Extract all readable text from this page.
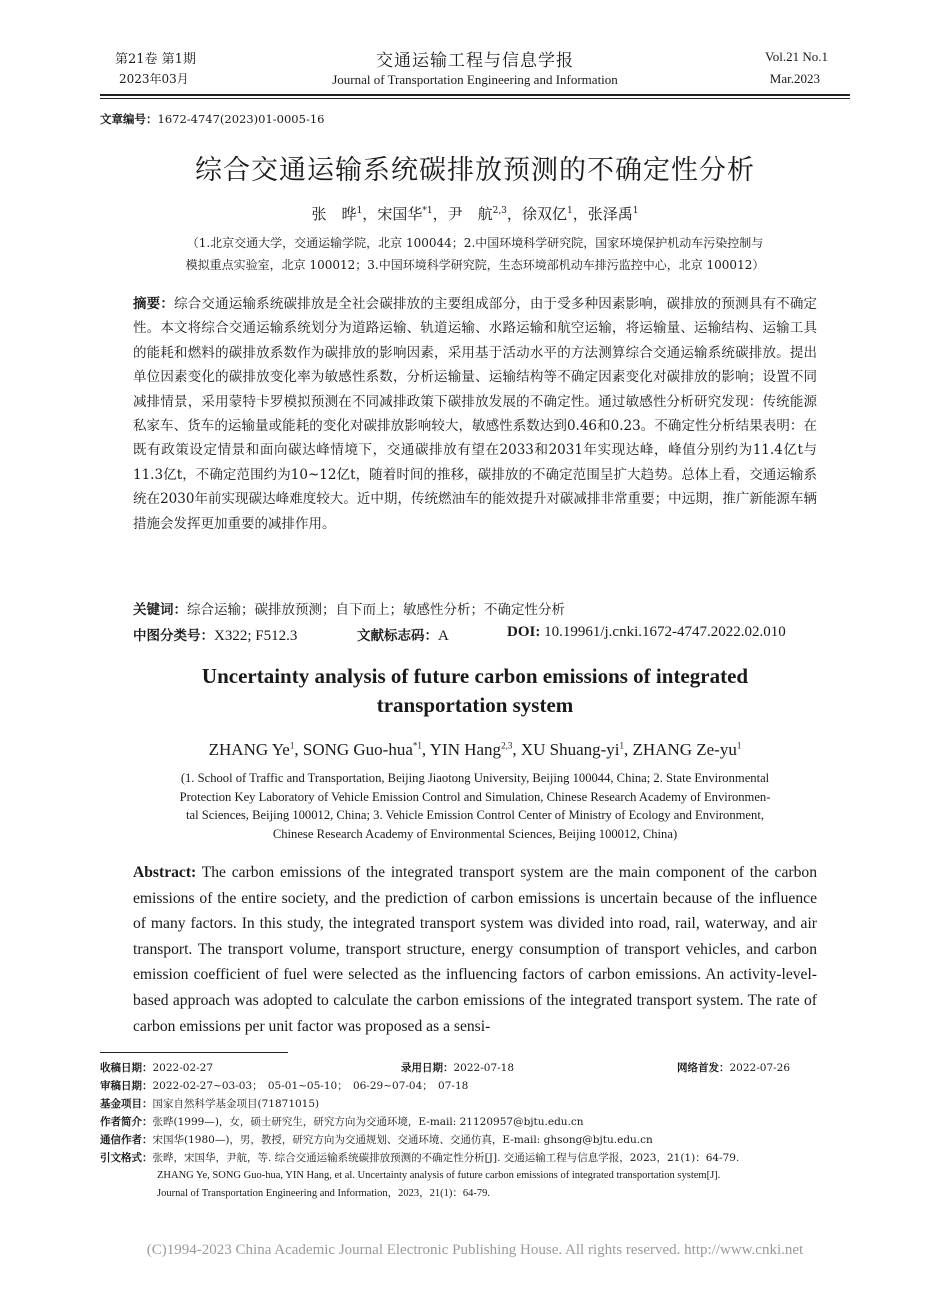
第21卷 第1期
2023年03月
交通运输工程与信息学报
Journal of Transportation Engineering and Information
Vol.21 No.1
Mar.2023
文章编号：1672-4747(2023)01-0005-16
综合交通运输系统碳排放预测的不确定性分析
张　晔$^1$，宋国华$^{*1}$，尹　航$^{2,3}$，徐双亿$^1$，张泽禹$^1$
（1.北京交通大学，交通运输学院，北京 100044；2.中国环境科学研究院，国家环境保护机动车污染控制与
模拟重点实验室，北京 100012；3.中国环境科学研究院，生态环境部机动车排污监控中心，北京 100012）
摘要：综合交通运输系统碳排放是全社会碳排放的主要组成部分，由于受多种因素影响，碳排放的预测具有不确定性。本文将综合交通运输系统划分为道路运输、轨道运输、水路运输和航空运输，将运输量、运输结构、运输工具的能耗和燃料的碳排放系数作为碳排放的影响因素，采用基于活动水平的方法测算综合交通运输系统碳排放。提出单位因素变化的碳排放变化率为敏感性系数，分析运输量、运输结构等不确定因素变化对碳排放的影响；设置不同减排情景，采用蒙特卡罗模拟预测在不同减排政策下碳排放发展的不确定性。通过敏感性分析研究发现：传统能源私家车、货车的运输量或能耗的变化对碳排放影响较大，敏感性系数达到0.46和0.23。不确定性分析结果表明：在既有政策设定情景和面向碳达峰情境下，交通碳排放有望在2033和2031年实现达峰，峰值分别约为11.4亿t与11.3亿t，不确定范围约为10~12亿t，随着时间的推移，碳排放的不确定范围呈扩大趋势。总体上看，交通运输系统在2030年前实现碳达峰难度较大。近中期，传统燃油车的能效提升对碳减排非常重要；中远期，推广新能源车辆措施会发挥更加重要的减排作用。
关键词：综合运输；碳排放预测；自下而上；敏感性分析；不确定性分析
中图分类号：X322; F512.3	文献标志码：A	DOI: 10.19961/j.cnki.1672-4747.2022.02.010
Uncertainty analysis of future carbon emissions of integrated
transportation system
ZHANG Ye$^1$, SONG Guo-hua$^{*1}$, YIN Hang$^{2,3}$, XU Shuang-$yi^1$, ZHANG $Ze-yu^1$
(1. School of Traffic and Transportation, Beijing Jiaotong University, Beijing 100044, China; 2. State Environmental
Protection Key Laboratory of Vehicle Emission Control and Simulation, Chinese Research Academy of Environmen-
tal Sciences, Beijing 100012, China; 3. Vehicle Emission Control Center of Ministry of Ecology and Environment,
Chinese Research Academy of Environmental Sciences, Beijing 100012, China)
Abstract: The carbon emissions of the integrated transport system are the main component of the carbon emissions of the entire society, and the prediction of carbon emissions is uncertain because of the influence of many factors. In this study, the integrated transport system was divided into road, rail, waterway, and air transport. The transport volume, transport structure, energy consumption of transport vehicles, and carbon emission coefficient of fuel were selected as the influencing factors of carbon emissions. An activity-level-based approach was adopted to calculate the carbon emissions of the integrated transport system. The rate of carbon emissions per unit factor was proposed as a sensi-
收稿日期：2022-02-27	录用日期：2022-07-18	网络首发：2022-07-26
审稿日期：2022-02-27~03-03；　05-01~05-10；　06-29~07-04；　07-18
基金项目：国家自然科学基金项目(71871015)
作者简介：张晔(1999—)，女，硕士研究生，研究方向为交通环境，E-mail: 21120957@bjtu.edu.cn
通信作者：宋国华(1980—)，男，教授，研究方向为交通规划、交通环境、交通仿真，E-mail: ghsong@bjtu.edu.cn
引文格式：张晔，宋国华，尹航，等. 综合交通运输系统碳排放预测的不确定性分析[J]. 交通运输工程与信息学报，2023，21(1)：64-79.
ZHANG Ye, SONG Guo-hua, YIN Hang, et al. Uncertainty analysis of future carbon emissions of integrated transportation system[J].
Journal of Transportation Engineering and Information，2023，21(1)：64-79.
(C)1994-2023 China Academic Journal Electronic Publishing House. All rights reserved. http://www.cnki.net
